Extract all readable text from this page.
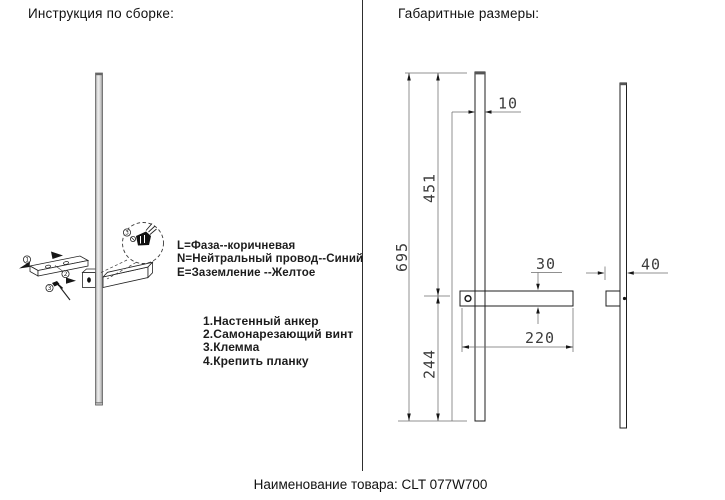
Инструкция по сборке:	Габаритные размеры:
1
2
3
3
695
451
244
10
30
220
40
L=Фаза--коричневая
N=Нейтральный провод--Синий
E=Заземление --Желтое
1.Настенный анкер
2.Самонарезающий винт
3.Клемма
4.Крепить планку
Наименование товара: CLT 077W700
